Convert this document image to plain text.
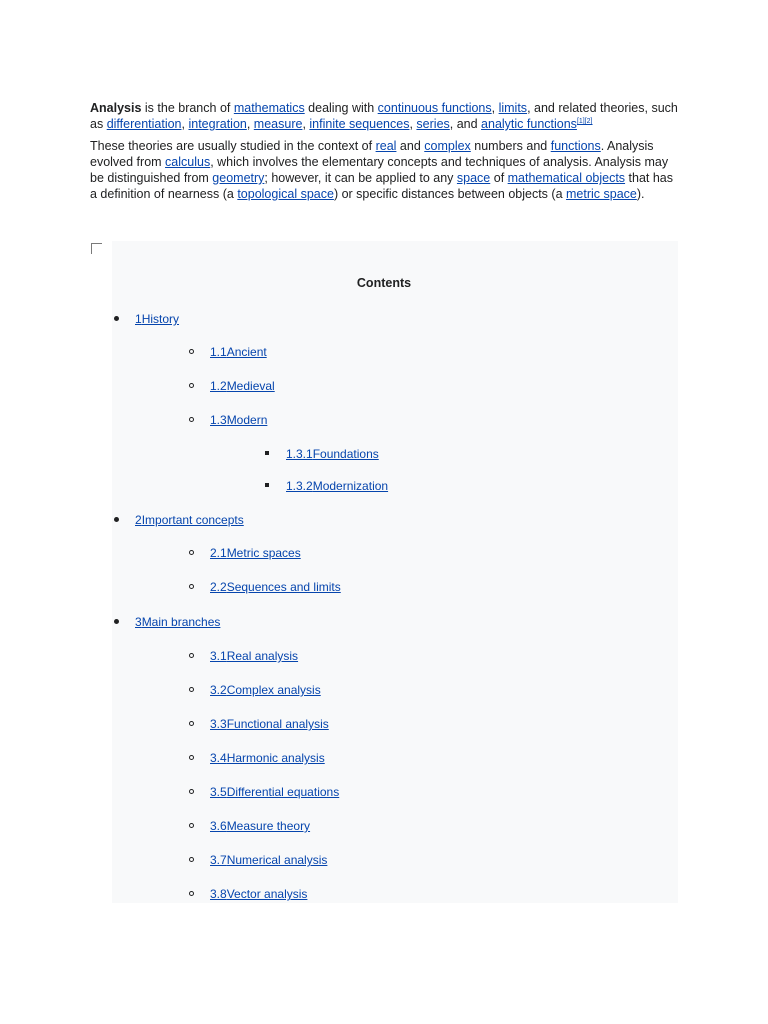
Analysis is the branch of mathematics dealing with continuous functions, limits, and related theories, such as differentiation, integration, measure, infinite sequences, series, and analytic functions[1][2]

These theories are usually studied in the context of real and complex numbers and functions. Analysis evolved from calculus, which involves the elementary concepts and techniques of analysis. Analysis may be distinguished from geometry; however, it can be applied to any space of mathematical objects that has a definition of nearness (a topological space) or specific distances between objects (a metric space).

Contents
1History
1.1Ancient
1.2Medieval
1.3Modern
1.3.1Foundations
1.3.2Modernization
2Important concepts
2.1Metric spaces
2.2Sequences and limits
3Main branches
3.1Real analysis
3.2Complex analysis
3.3Functional analysis
3.4Harmonic analysis
3.5Differential equations
3.6Measure theory
3.7Numerical analysis
3.8Vector analysis
